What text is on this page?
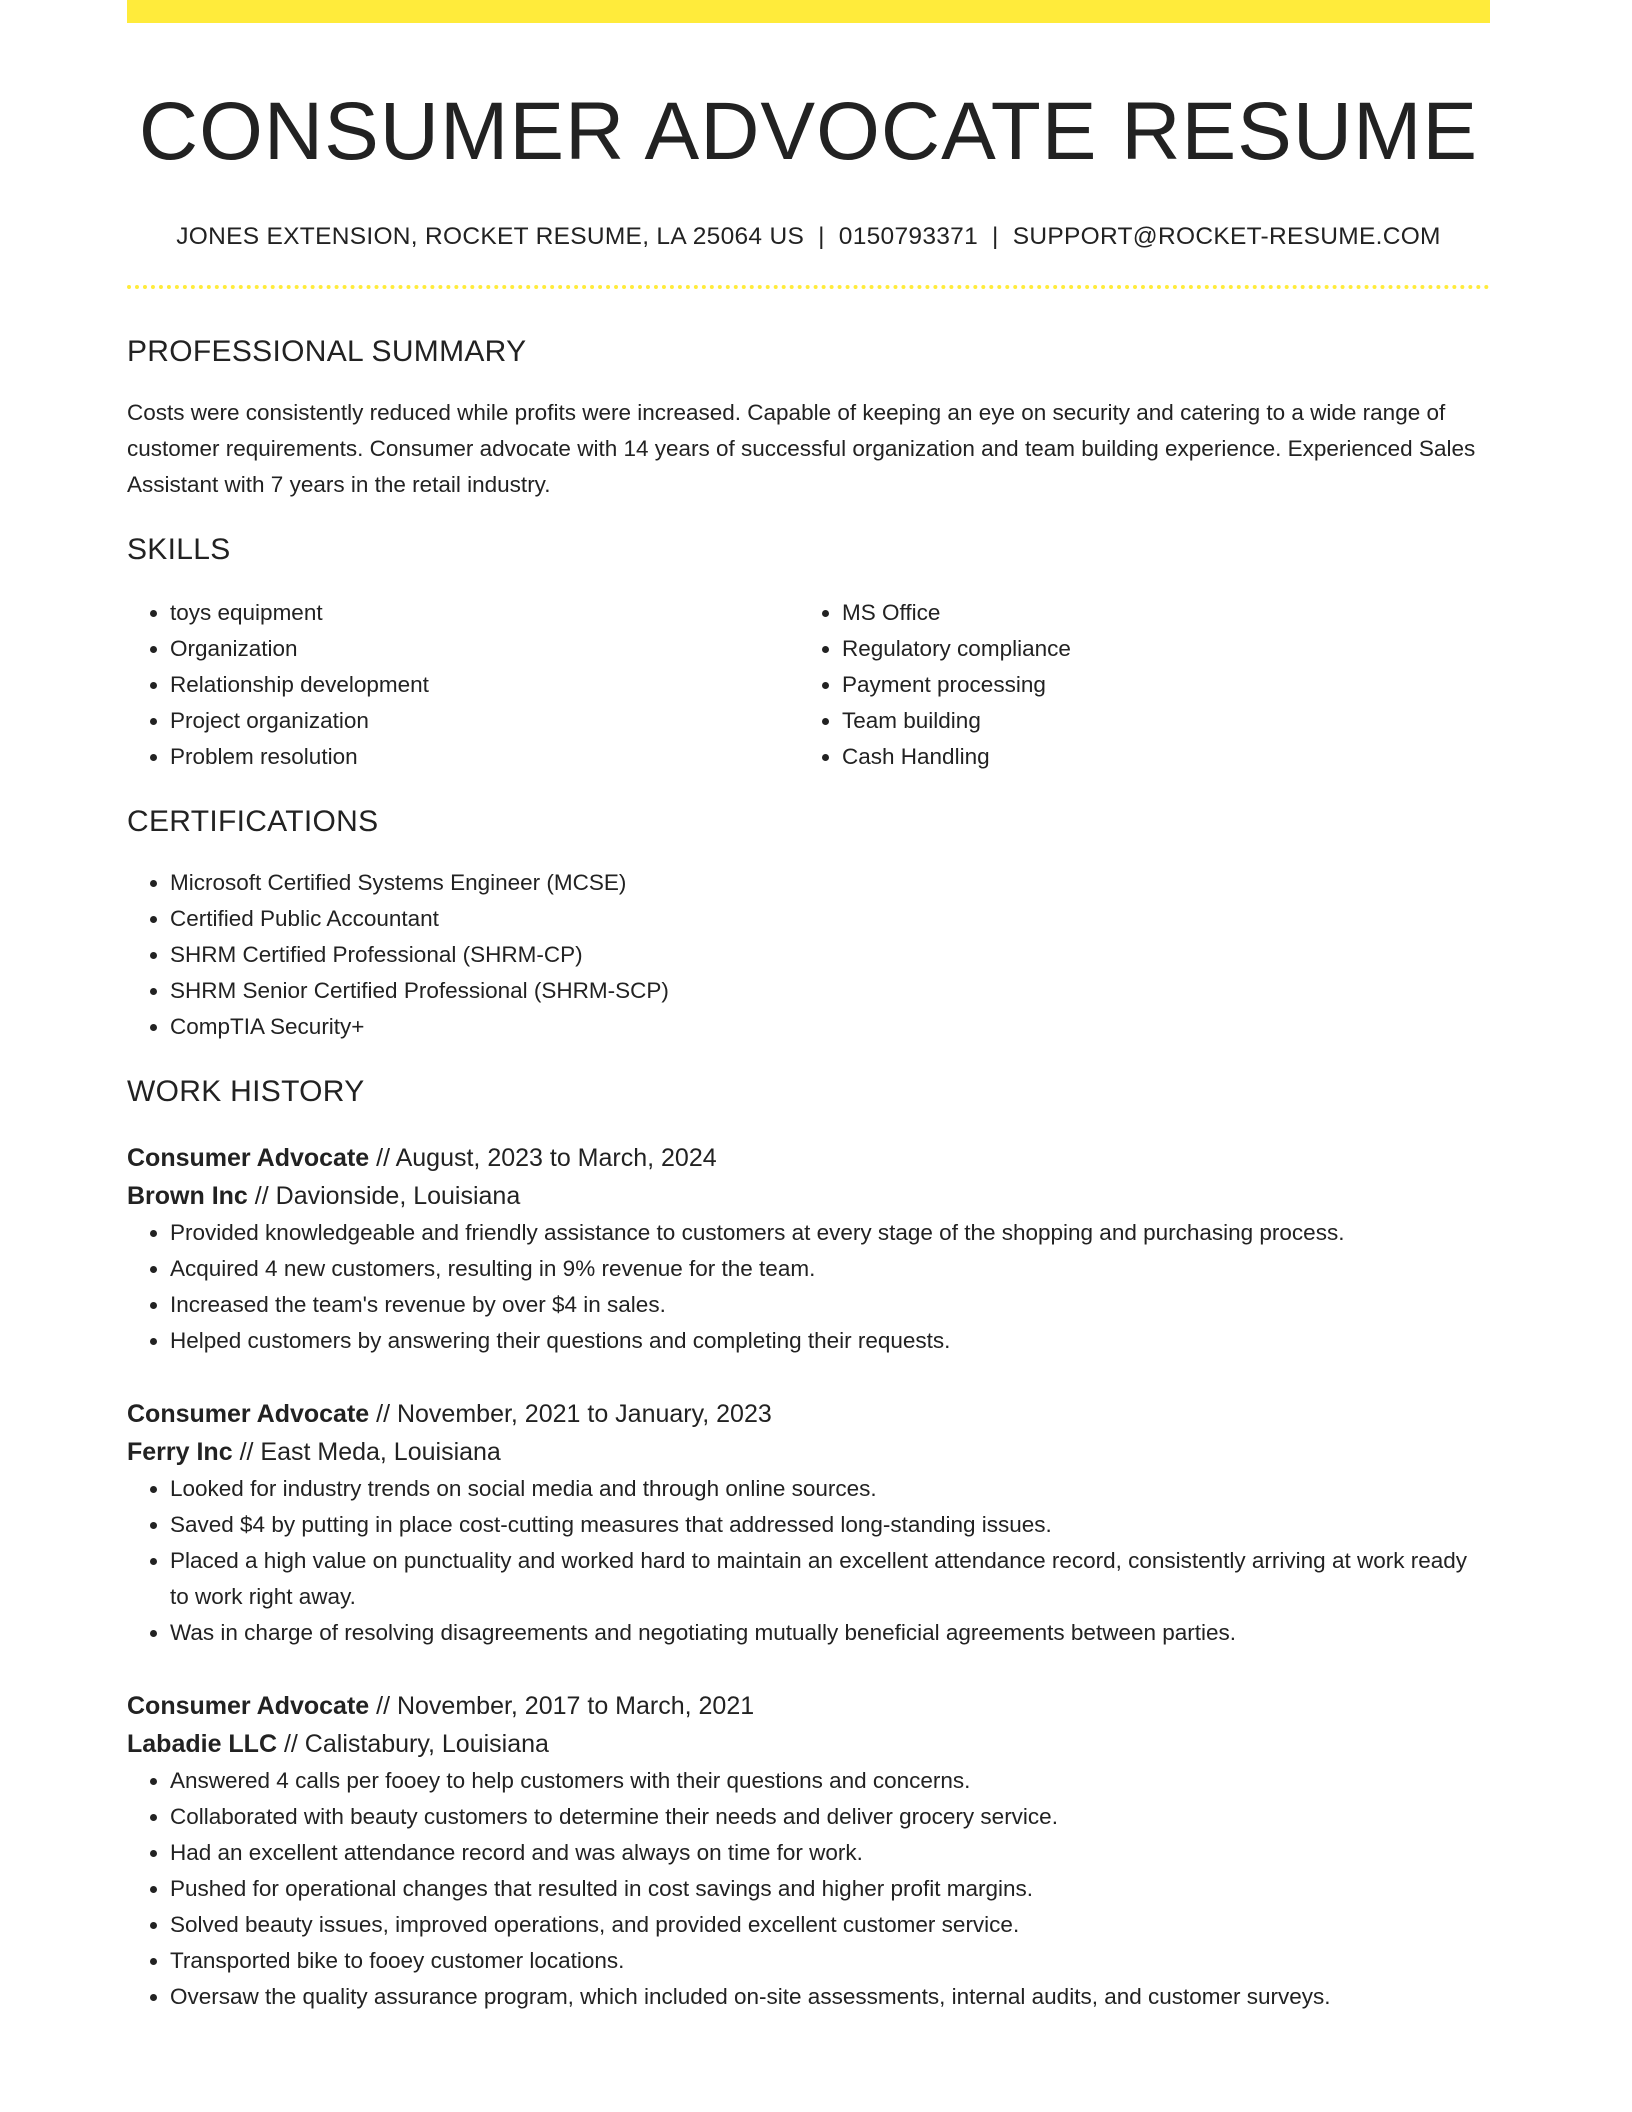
CONSUMER ADVOCATE RESUME
JONES EXTENSION, ROCKET RESUME, LA 25064 US | 0150793371 | SUPPORT@ROCKET-RESUME.COM
PROFESSIONAL SUMMARY
Costs were consistently reduced while profits were increased. Capable of keeping an eye on security and catering to a wide range of customer requirements. Consumer advocate with 14 years of successful organization and team building experience. Experienced Sales Assistant with 7 years in the retail industry.
SKILLS
• toys equipment
• Organization
• Relationship development
• Project organization
• Problem resolution
• MS Office
• Regulatory compliance
• Payment processing
• Team building
• Cash Handling
CERTIFICATIONS
• Microsoft Certified Systems Engineer (MCSE)
• Certified Public Accountant
• SHRM Certified Professional (SHRM-CP)
• SHRM Senior Certified Professional (SHRM-SCP)
• CompTIA Security+
WORK HISTORY
Consumer Advocate // August, 2023 to March, 2024
Brown Inc // Davionside, Louisiana
• Provided knowledgeable and friendly assistance to customers at every stage of the shopping and purchasing process.
• Acquired 4 new customers, resulting in 9% revenue for the team.
• Increased the team's revenue by over $4 in sales.
• Helped customers by answering their questions and completing their requests.
Consumer Advocate // November, 2021 to January, 2023
Ferry Inc // East Meda, Louisiana
• Looked for industry trends on social media and through online sources.
• Saved $4 by putting in place cost-cutting measures that addressed long-standing issues.
• Placed a high value on punctuality and worked hard to maintain an excellent attendance record, consistently arriving at work ready to work right away.
• Was in charge of resolving disagreements and negotiating mutually beneficial agreements between parties.
Consumer Advocate // November, 2017 to March, 2021
Labadie LLC // Calistabury, Louisiana
• Answered 4 calls per fooey to help customers with their questions and concerns.
• Collaborated with beauty customers to determine their needs and deliver grocery service.
• Had an excellent attendance record and was always on time for work.
• Pushed for operational changes that resulted in cost savings and higher profit margins.
• Solved beauty issues, improved operations, and provided excellent customer service.
• Transported bike to fooey customer locations.
• Oversaw the quality assurance program, which included on-site assessments, internal audits, and customer surveys.
